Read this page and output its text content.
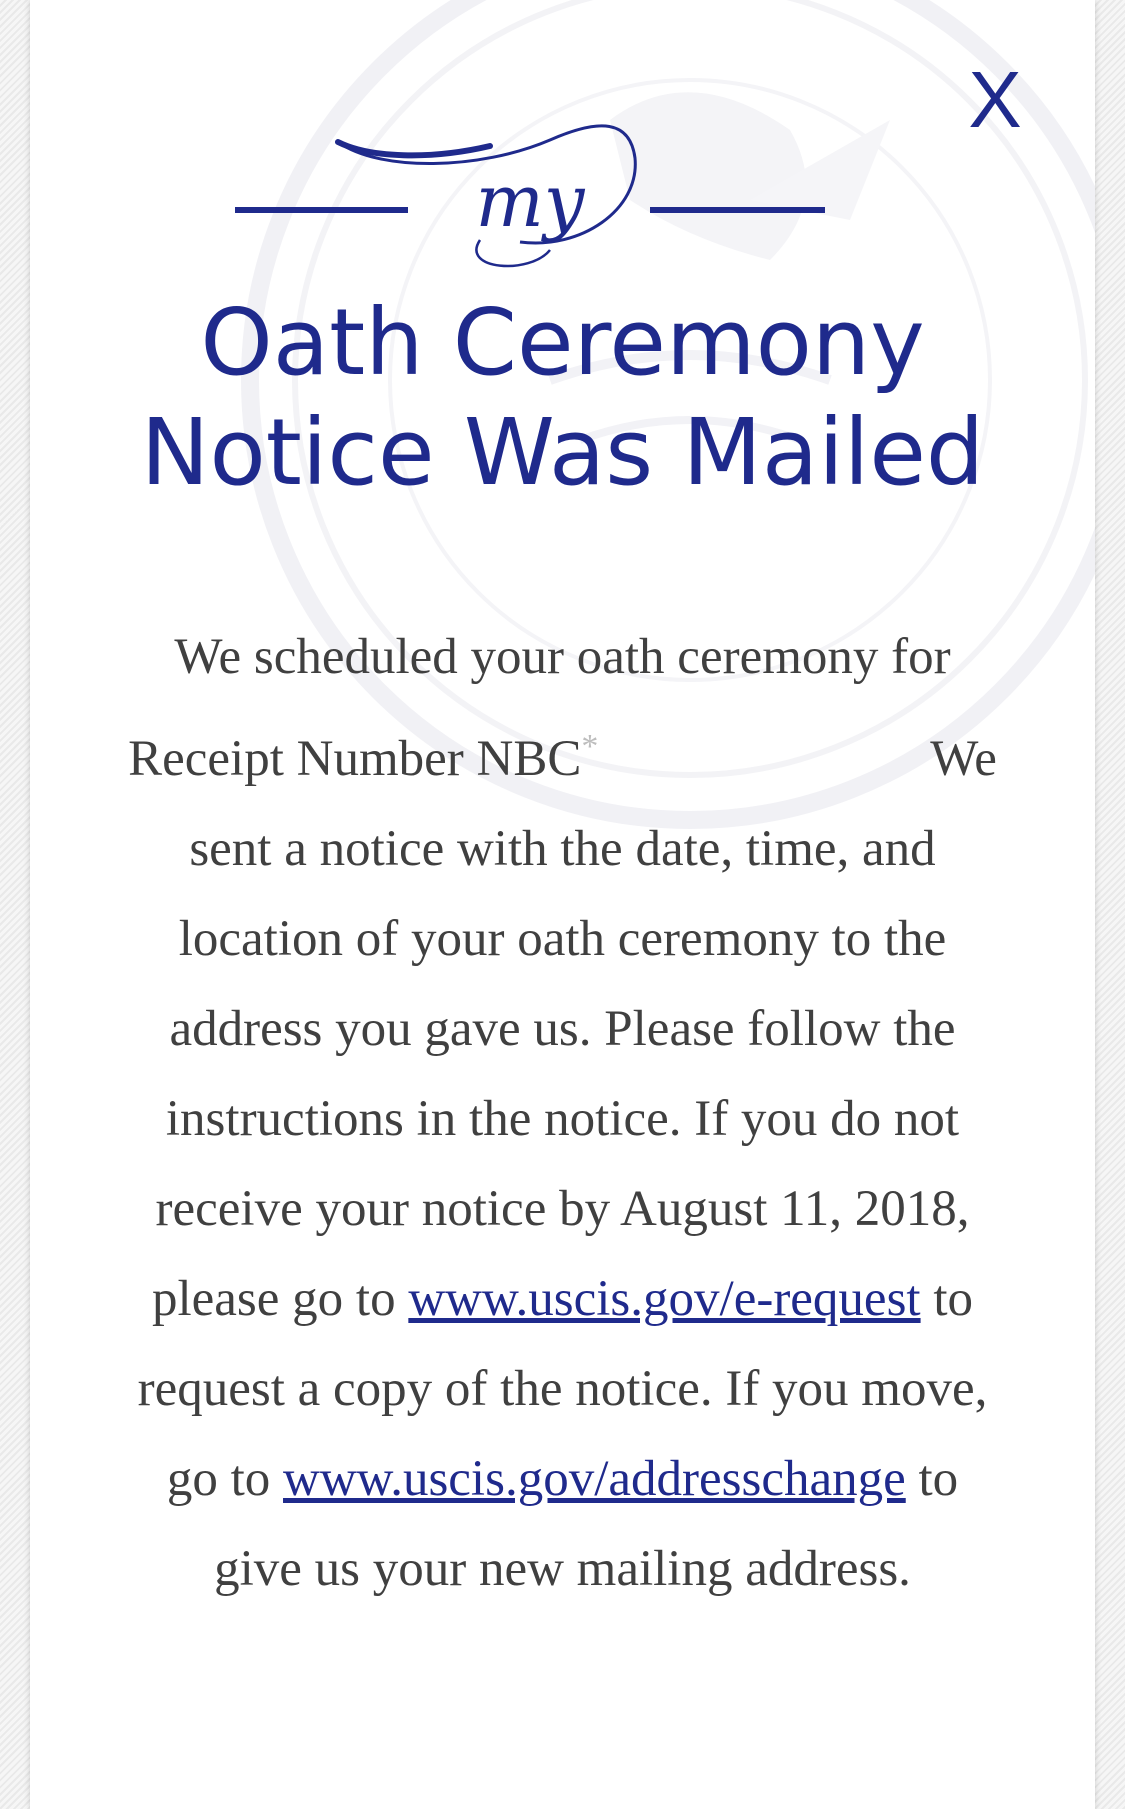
X
my
Oath Ceremony
Notice Was Mailed

We scheduled your oath ceremony for Receipt Number NBC*	We sent a notice with the date, time, and location of your oath ceremony to the address you gave us. Please follow the instructions in the notice. If you do not receive your notice by August 11, 2018, please go to www.uscis.gov/e-request to request a copy of the notice. If you move, go to www.uscis.gov/addresschange to give us your new mailing address.
